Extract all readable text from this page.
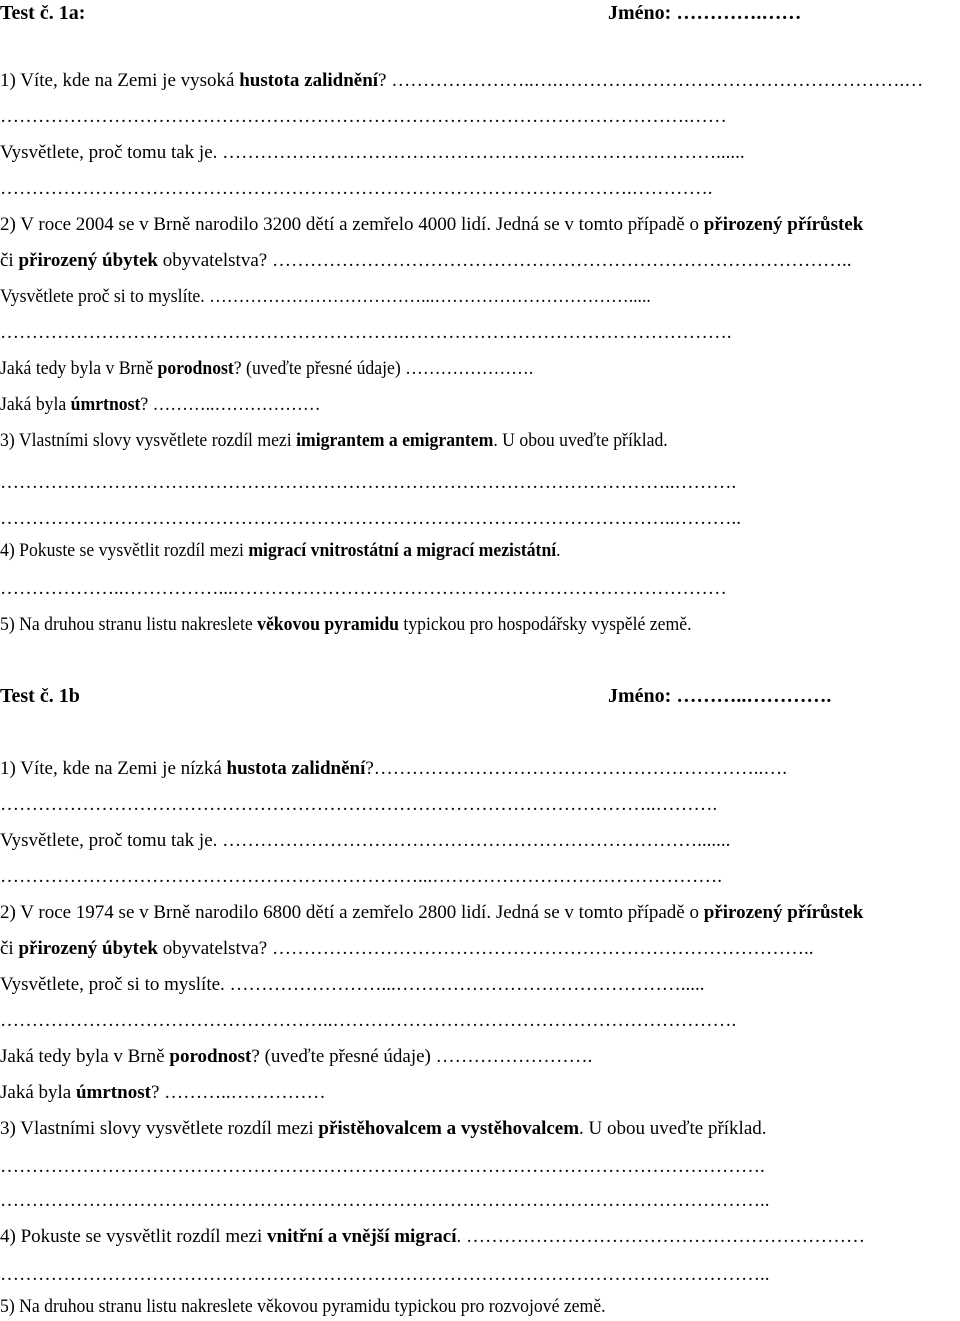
Test č. 1a:	Jméno: ………….……
1) Víte, kde na Zemi je vysoká hustota zalidnění? …………………..….……………………………………………….…
……………………………………………………………………………………………….……
Vysvětlete, proč tomu tak je. ……………………………………………………………………......
……………………………………………………………………………………….………….
2) V roce 2004 se v Brně narodilo 3200 dětí a zemřelo 4000 lidí. Jedná se v tomto případě o přirozený přírůstek
či přirozený úbytek obyvatelstva? ………………………………………………………………………………..
Vysvětlete proč si to myslíte. ………………………………...…………………………….....
……………………………………………………….…………………………………………….
Jaká tedy byla v Brně porodnost? (uveďte přesné údaje) ………………….
Jaká byla úmrtnost? ………..………………
3) Vlastními slovy vysvětlete rozdíl mezi imigrantem a emigrantem. U obou uveďte příklad.
……………………………………………………………………………………………..……….
……………………………………………………………………………………………..………..
4) Pokuste se vysvětlit rozdíl mezi migrací vnitrostátní a migrací mezistátní.
………………..……………...……………………………………………………………………
5) Na druhou stranu listu nakreslete věkovou pyramidu typickou pro hospodářsky vyspělé země.
Test č. 1b	Jméno: ………..………….
1) Víte, kde na Zemi je nízká hustota zalidnění?……………………………………………………..….
…………………………………………………………………………………………..……….
Vysvětlete, proč tomu tak je. ………………………………………………………………….......
…………………………………………………………...……………………………………….
2) V roce 1974 se v Brně narodilo 6800 dětí a zemřelo 2800 lidí. Jedná se v tomto případě o přirozený přírůstek
či přirozený úbytek obyvatelstva? …………………………………………………………………………..
Vysvětlete, proč si to myslíte. ……………………...……………………………………….....
……………………………………………..……………………………………………………….
Jaká tedy byla v Brně porodnost? (uveďte přesné údaje) …………………….
Jaká byla úmrtnost? ………..……………
3) Vlastními slovy vysvětlete rozdíl mezi přistěhovalcem a vystěhovalcem. U obou uveďte příklad.
………………………………………………………………………………………………………….
…………………………………………………………………………………………………………..
4) Pokuste se vysvětlit rozdíl mezi vnitřní a vnější migrací. ………………………………………………………
…………………………………………………………………………………………………………..
5) Na druhou stranu listu nakreslete věkovou pyramidu typickou pro rozvojové země.
